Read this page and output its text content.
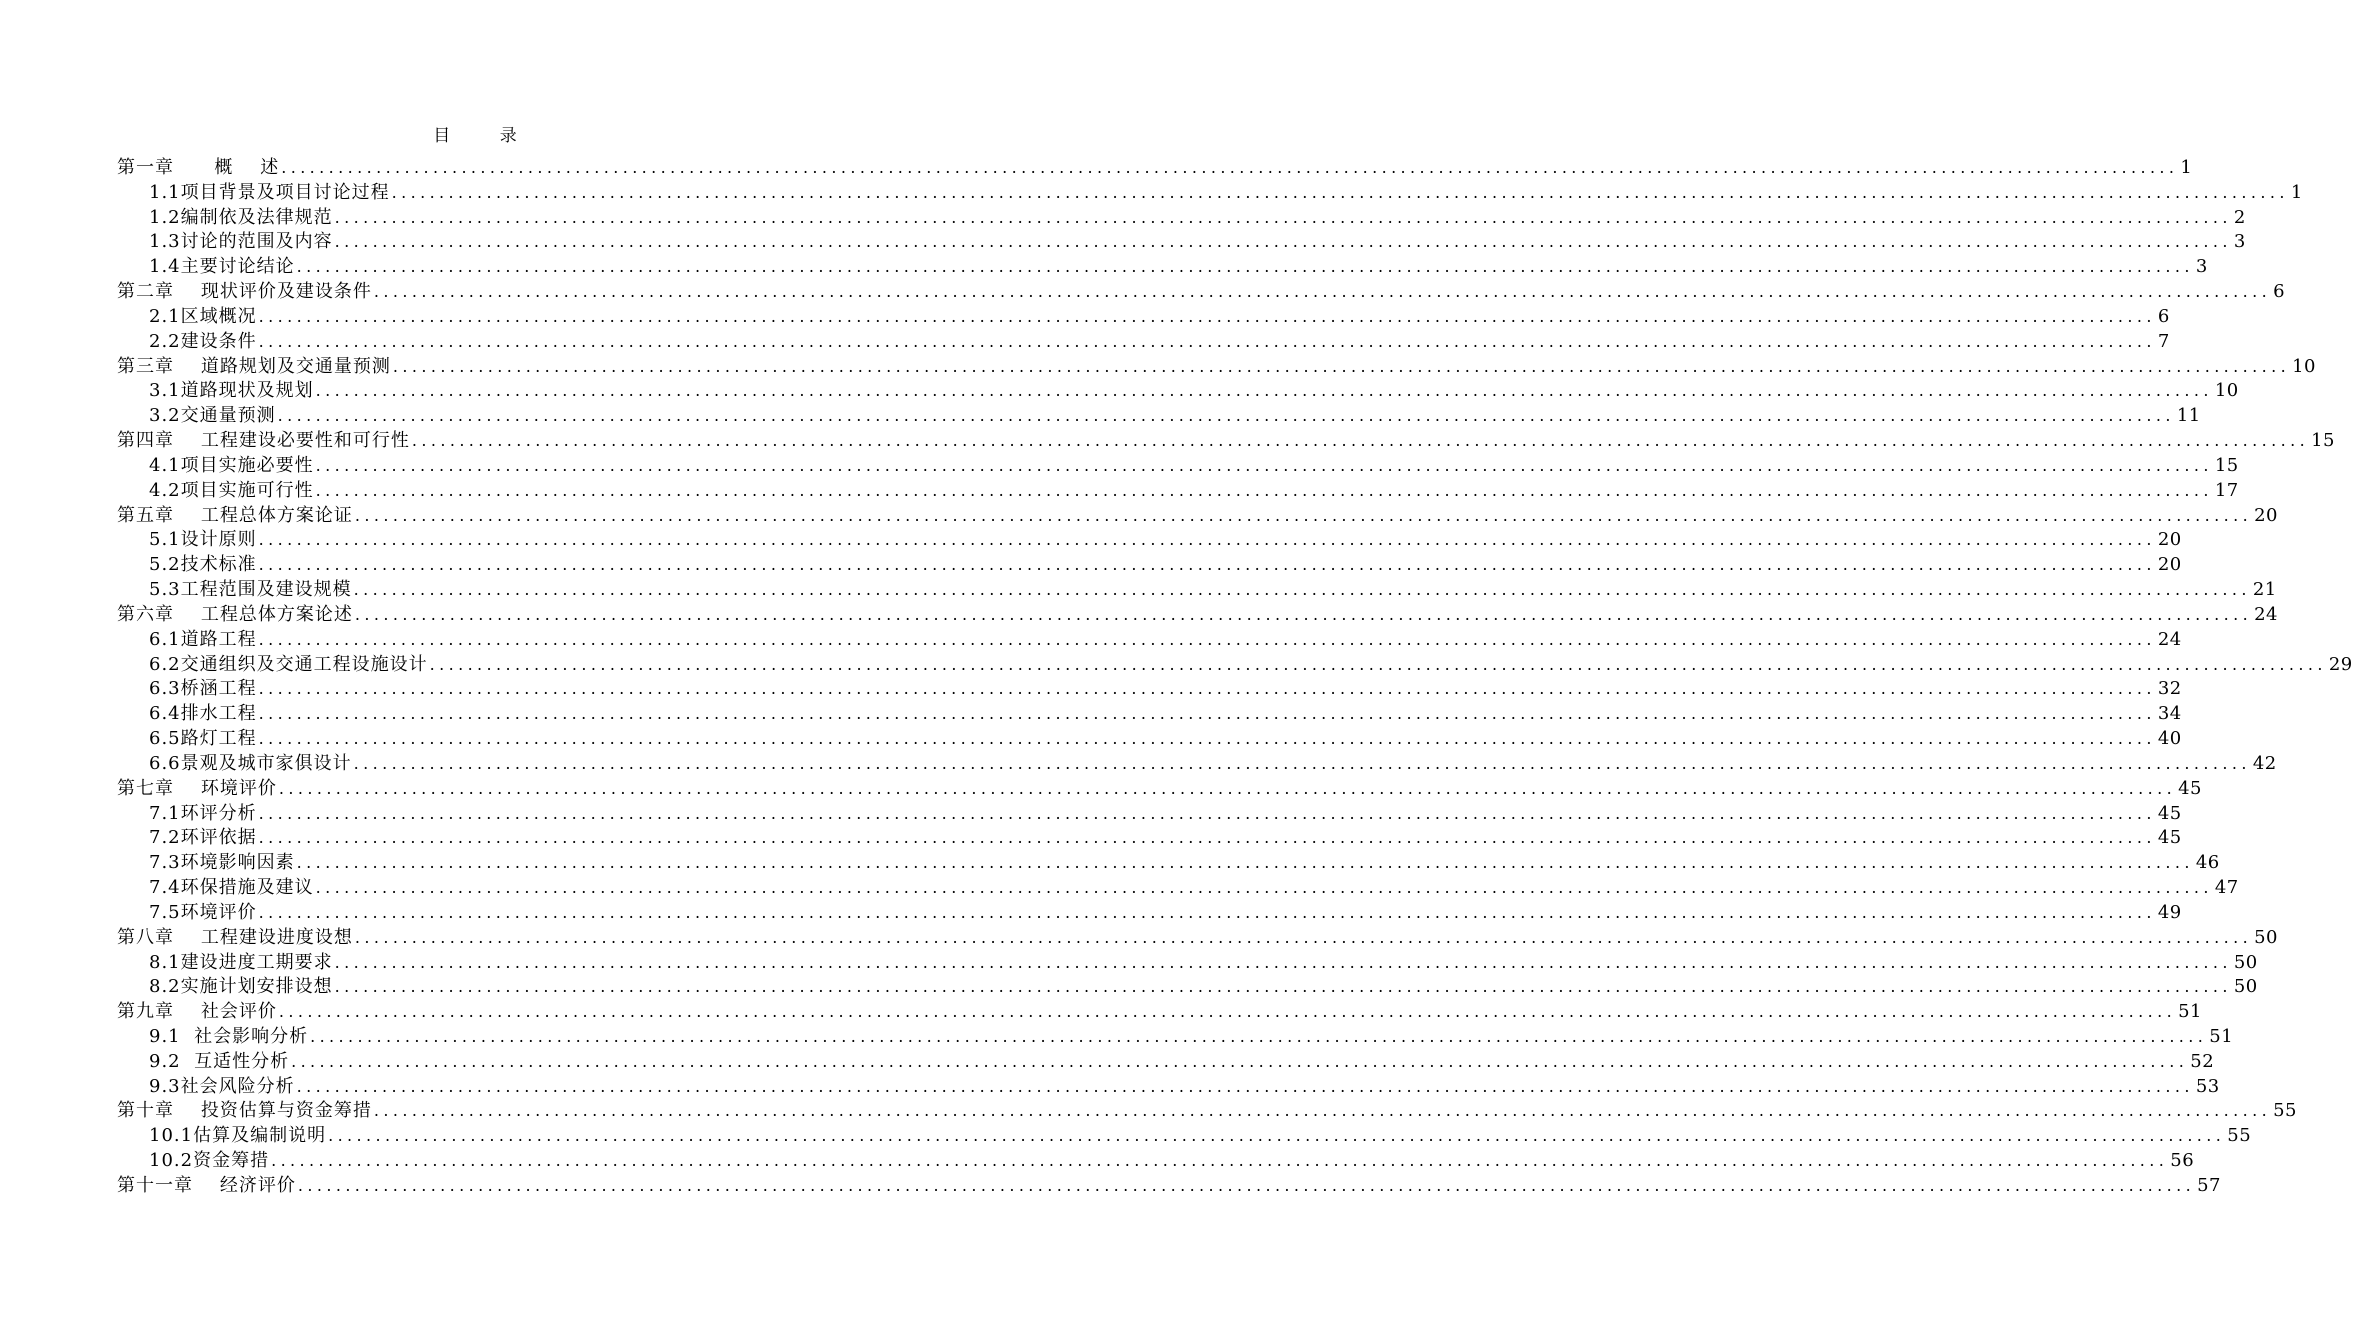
目 录
第一章      概    述 ........................................................................................................................................................................................................ 1
1.1项目背景及项目讨论过程 ........................................................................................................................................................................................................ 1
1.2编制依及法律规范 ........................................................................................................................................................................................................ 2
1.3讨论的范围及内容 ........................................................................................................................................................................................................ 3
1.4主要讨论结论 ........................................................................................................................................................................................................ 3
第二章    现状评价及建设条件 ........................................................................................................................................................................................................ 6
2.1区域概况 ........................................................................................................................................................................................................ 6
2.2建设条件 ........................................................................................................................................................................................................ 7
第三章    道路规划及交通量预测 ........................................................................................................................................................................................................ 10
3.1道路现状及规划 ........................................................................................................................................................................................................ 10
3.2交通量预测 ........................................................................................................................................................................................................ 11
第四章    工程建设必要性和可行性 ........................................................................................................................................................................................................ 15
4.1项目实施必要性 ........................................................................................................................................................................................................ 15
4.2项目实施可行性 ........................................................................................................................................................................................................ 17
第五章    工程总体方案论证 ........................................................................................................................................................................................................ 20
5.1设计原则 ........................................................................................................................................................................................................ 20
5.2技术标准 ........................................................................................................................................................................................................ 20
5.3工程范围及建设规模 ........................................................................................................................................................................................................ 21
第六章    工程总体方案论述 ........................................................................................................................................................................................................ 24
6.1道路工程 ........................................................................................................................................................................................................ 24
6.2交通组织及交通工程设施设计 ........................................................................................................................................................................................................ 29
6.3桥涵工程 ........................................................................................................................................................................................................ 32
6.4排水工程 ........................................................................................................................................................................................................ 34
6.5路灯工程 ........................................................................................................................................................................................................ 40
6.6景观及城市家俱设计 ........................................................................................................................................................................................................ 42
第七章    环境评价 ........................................................................................................................................................................................................ 45
7.1环评分析 ........................................................................................................................................................................................................ 45
7.2环评依据 ........................................................................................................................................................................................................ 45
7.3环境影响因素 ........................................................................................................................................................................................................ 46
7.4环保措施及建议 ........................................................................................................................................................................................................ 47
7.5环境评价 ........................................................................................................................................................................................................ 49
第八章    工程建设进度设想 ........................................................................................................................................................................................................ 50
8.1建设进度工期要求 ........................................................................................................................................................................................................ 50
8.2实施计划安排设想 ........................................................................................................................................................................................................ 50
第九章    社会评价 ........................................................................................................................................................................................................ 51
9.1  社会影响分析 ........................................................................................................................................................................................................ 51
9.2  互适性分析 ........................................................................................................................................................................................................ 52
9.3社会风险分析 ........................................................................................................................................................................................................ 53
第十章    投资估算与资金筹措 ........................................................................................................................................................................................................ 55
10.1估算及编制说明 ........................................................................................................................................................................................................ 55
10.2资金筹措 ........................................................................................................................................................................................................ 56
第十一章    经济评价 ........................................................................................................................................................................................................ 57
